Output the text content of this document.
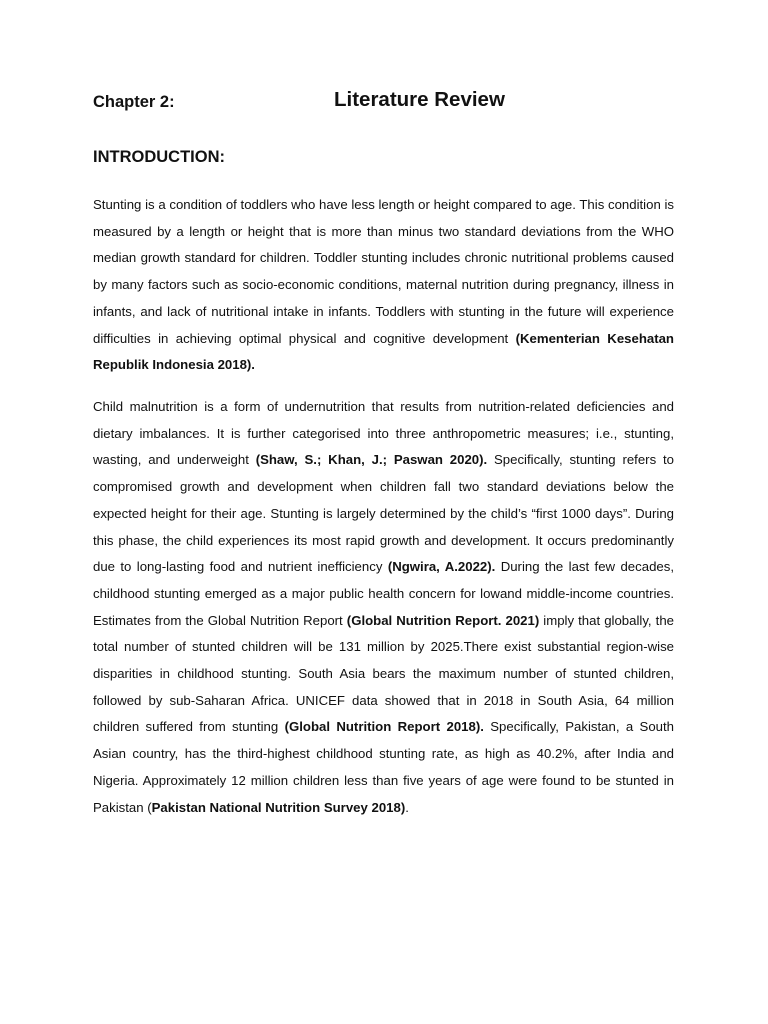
Chapter 2:	Literature Review
INTRODUCTION:

Stunting is a condition of toddlers who have less length or height compared to age. This condition is measured by a length or height that is more than minus two standard deviations from the WHO median growth standard for children. Toddler stunting includes chronic nutritional problems caused by many factors such as socio-economic conditions, maternal nutrition during pregnancy, illness in infants, and lack of nutritional intake in infants. Toddlers with stunting in the future will experience difficulties in achieving optimal physical and cognitive development (Kementerian Kesehatan Republik Indonesia 2018).

Child malnutrition is a form of undernutrition that results from nutrition-related deficiencies and dietary imbalances. It is further categorised into three anthropometric measures; i.e., stunting, wasting, and underweight (Shaw, S.; Khan, J.; Paswan 2020). Specifically, stunting refers to compromised growth and development when children fall two standard deviations below the expected height for their age. Stunting is largely determined by the child’s “first 1000 days”. During this phase, the child experiences its most rapid growth and development. It occurs predominantly due to long-lasting food and nutrient inefficiency (Ngwira, A.2022). During the last few decades, childhood stunting emerged as a major public health concern for lowand middle-income countries. Estimates from the Global Nutrition Report (Global Nutrition Report. 2021) imply that globally, the total number of stunted children will be 131 million by 2025.There exist substantial region-wise disparities in childhood stunting. South Asia bears the maximum number of stunted children, followed by sub-Saharan Africa. UNICEF data showed that in 2018 in South Asia, 64 million children suffered from stunting (Global Nutrition Report 2018). Specifically, Pakistan, a South Asian country, has the third-highest childhood stunting rate, as high as 40.2%, after India and Nigeria. Approximately 12 million children less than five years of age were found to be stunted in Pakistan (Pakistan National Nutrition Survey 2018).
